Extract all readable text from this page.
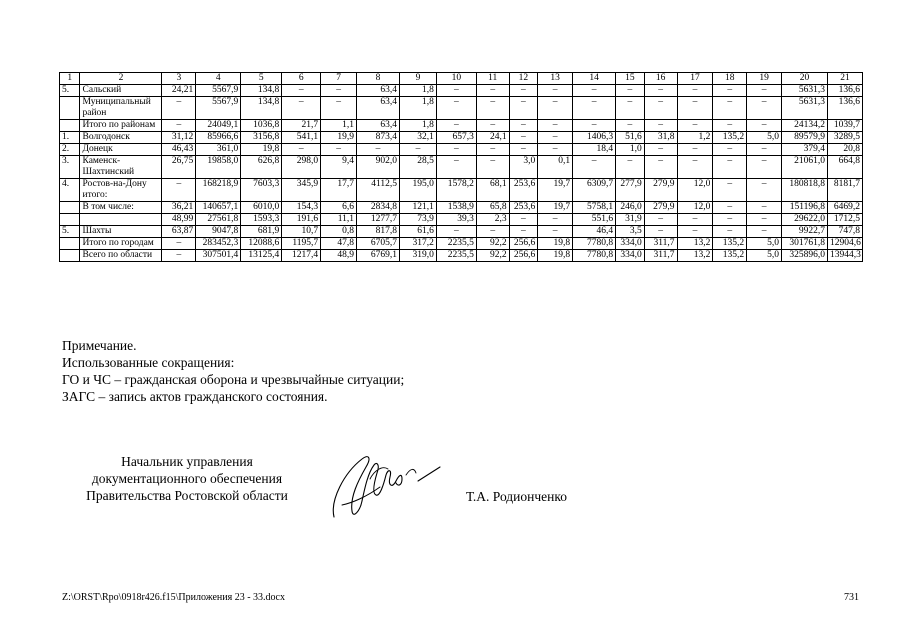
1	2	3	4	5	6	7	8	9	10	11	12	13	14	15	16	17	18	19	20	21
5.	Сальский	24,21	5567,9	134,8	–	–	63,4	1,8	–	–	–	–	–	–	–	–	–	–	5631,3	136,6
	Муниципальный район	–	5567,9	134,8	–	–	63,4	1,8	–	–	–	–	–	–	–	–	–	–	5631,3	136,6
	Итого по районам	–	24049,1	1036,8	21,7	1,1	63,4	1,8	–	–	–	–	–	–	–	–	–	–	24134,2	1039,7
1.	Волгодонск	31,12	85966,6	3156,8	541,1	19,9	873,4	32,1	657,3	24,1	–	–	1406,3	51,6	31,8	1,2	135,2	5,0	89579,9	3289,5
2.	Донецк	46,43	361,0	19,8	–	–	–	–	–	–	–	–	18,4	1,0	–	–	–	–	379,4	20,8
3.	Каменск-Шахтинский	26,75	19858,0	626,8	298,0	9,4	902,0	28,5	–	–	3,0	0,1	–	–	–	–	–	–	21061,0	664,8
4.	Ростов-на-Дону итого:	–	168218,9	7603,3	345,9	17,7	4112,5	195,0	1578,2	68,1	253,6	19,7	6309,7	277,9	279,9	12,0	–	–	180818,8	8181,7
	В том числе:	36,21	140657,1	6010,0	154,3	6,6	2834,8	121,1	1538,9	65,8	253,6	19,7	5758,1	246,0	279,9	12,0	–	–	151196,8	6469,2
		48,99	27561,8	1593,3	191,6	11,1	1277,7	73,9	39,3	2,3	–	–	551,6	31,9	–	–	–	–	29622,0	1712,5
5.	Шахты	63,87	9047,8	681,9	10,7	0,8	817,8	61,6	–	–	–	–	46,4	3,5	–	–	–	–	9922,7	747,8
	Итого по городам	–	283452,3	12088,6	1195,7	47,8	6705,7	317,2	2235,5	92,2	256,6	19,8	7780,8	334,0	311,7	13,2	135,2	5,0	301761,8	12904,6
	Всего по области	–	307501,4	13125,4	1217,4	48,9	6769,1	319,0	2235,5	92,2	256,6	19,8	7780,8	334,0	311,7	13,2	135,2	5,0	325896,0	13944,3
Примечание.
Использованные сокращения:
ГО и ЧС – гражданская оборона и чрезвычайные ситуации;
ЗАГС – запись актов гражданского состояния.
Начальник управления
документационного обеспечения
Правительства Ростовской области	Т.А. Родионченко
Z:\ORST\Rpo\0918r426.f15\Приложения 23 - 33.docx	731
